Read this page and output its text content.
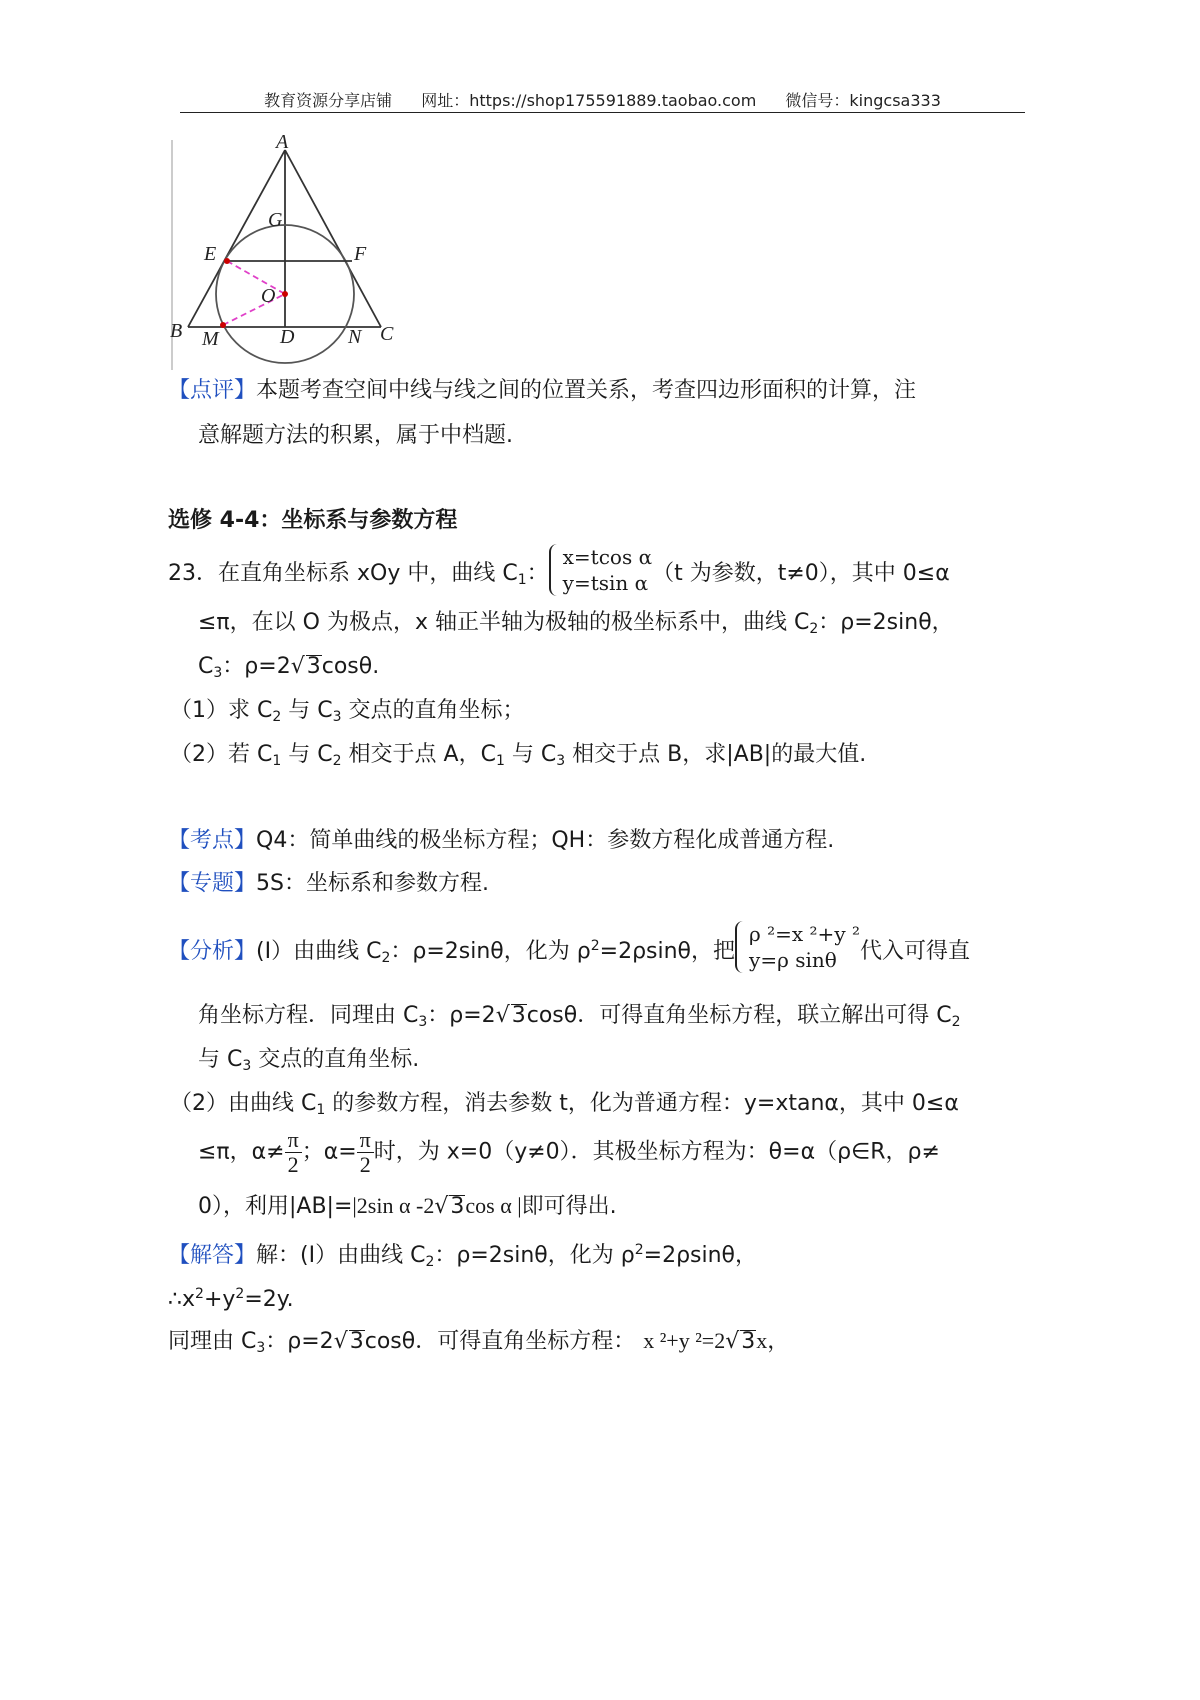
教育资源分享店铺 网址：https://shop175591889.taobao.com 微信号：kingcsa333
A
G
E	F
O
B M	D	N C
【点评】本题考查空间中线与线之间的位置关系，考查四边形面积的计算，注
意解题方法的积累，属于中档题.
选修 4-4：坐标系与参数方程
23．在直角坐标系 xOy 中，曲线 $C_1$：
x=tcos α
y=tsin α （t 为参数，t≠0），其中 0≤α
≤π，在以 O 为极点，x 轴正半轴为极轴的极坐标系中，曲线 $C_2$：ρ=2sinθ，
$C_3$：ρ=2√3cosθ.
（1）求 $C_2$ 与 $C_3$ 交点的直角坐标；
（2）若 $C_1$ 与 $C_2$ 相交于点 A，$C_1$ 与 $C_3$ 相交于点 B，求|AB|的最大值.
【考点】Q4：简单曲线的极坐标方程；QH：参数方程化成普通方程.
【专题】5S：坐标系和参数方程.
【分析】(I）由曲线 $C_2$：ρ=2sinθ，化为 $\rho^2=2\rho\sin\theta$，把
ρ ²=x ²+y ²
y=ρ sinθ	代入可得直
角坐标方程．同理由 $C_3$：ρ=2√3cosθ．可得直角坐标方程，联立解出可得 $C_2$
与 $C_3$ 交点的直角坐标.
（2）由曲线 $C_1$ 的参数方程，消去参数 t，化为普通方程：y=xtanα，其中 0≤α
≤π，$\alpha\ne \frac{\pi}{2}$ ；$\alpha= \frac{\pi}{2}$ 时，为 x=0（y≠0）．其极坐标方程为：θ=α（ρ∈R，ρ≠
0），利用|AB|=|2sin α -2√3cos α |即可得出.
【解答】解：(I）由曲线 $C_2$：ρ=2sinθ，化为 $\rho^2=2\rho\sin\theta$，
$\therefore x^2+y^2=2y$.
同理由 $C_3$：ρ=2√3cosθ．可得直角坐标方程： x ²+y ²=2√3x，
